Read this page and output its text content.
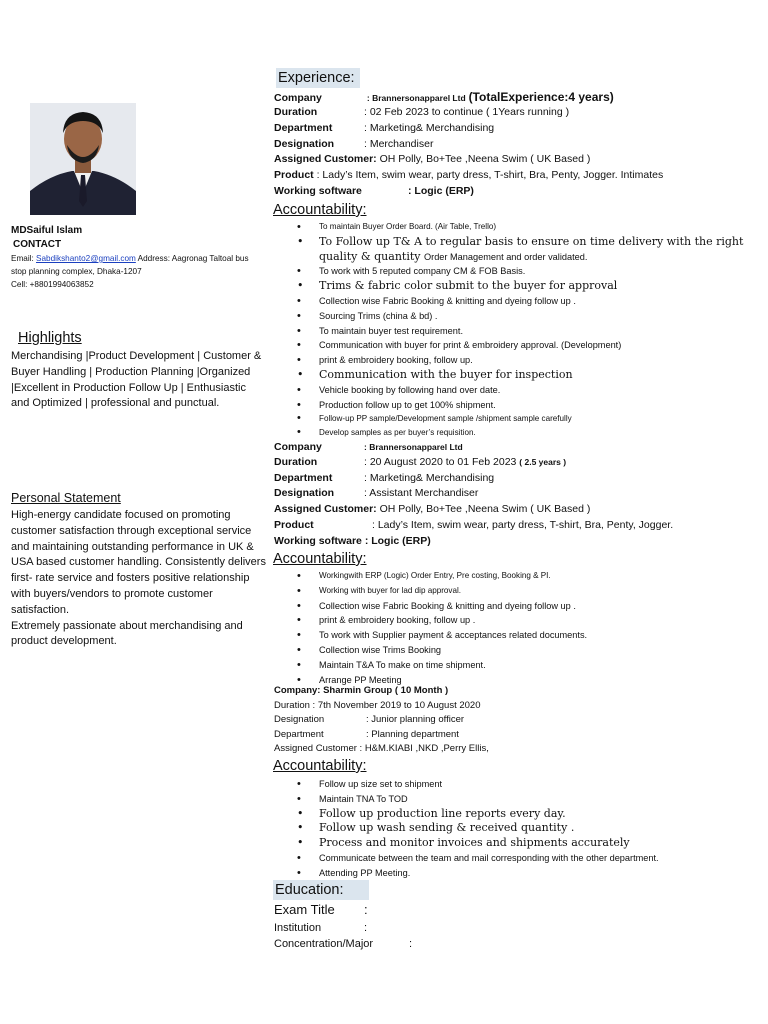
MDSaiful Islam
CONTACT
Email: Sabdikshanto2@gmail.com Address: Aagronag Taltoal bus stop planning complex, Dhaka-1207
Cell: +8801994063852
Highlights
Merchandising |Product Development | Customer & Buyer Handling | Production Planning |Organized |Excellent in Production Follow Up | Enthusiastic and Optimized | professional and punctual.
Personal Statement
High-energy candidate focused on promoting customer satisfaction through exceptional service and maintaining outstanding performance in UK & USA based customer handling. Consistently delivers first- rate service and fosters positive relationship with buyers/vendors to promote customer satisfaction.
Extremely passionate about merchandising and product development.
Experience:
Company	: Brannersonapparel Ltd (TotalExperience:4 years)
Duration	: 02 Feb 2023 to continue ( 1Years running )
Department	: Marketing& Merchandising
Designation	: Merchandiser
Assigned Customer: OH Polly, Bo+Tee ,Neena Swim ( UK Based )
Product : Lady’s Item, swim wear, party dress, T-shirt, Bra, Penty, Jogger. Intimates
Working software	: Logic (ERP)
Accountability:
• To maintain Buyer Order Board. (Air Table, Trello)
• To Follow up T& A to regular basis to ensure on time delivery with the right quality & quantity Order Management and order validated.
• To work with 5 reputed company CM & FOB Basis.
• Trims & fabric color submit to the buyer for approval
• Collection wise Fabric Booking & knitting and dyeing follow up .
• Sourcing Trims (china & bd) .
• To maintain buyer test requirement.
• Communication with buyer for print & embroidery approval. (Development)
• print & embroidery booking, follow up.
• Communication with the buyer for inspection
• Vehicle booking by following hand over date.
• Production follow up to get 100% shipment.
• Follow-up PP sample/Development sample /shipment sample carefully
• Develop samples as per buyer’s requisition.
Company	: Brannersonapparel Ltd
Duration	: 20 August 2020 to 01 Feb 2023 ( 2.5 years )
Department	: Marketing& Merchandising
Designation	: Assistant Merchandiser
Assigned Customer: OH Polly, Bo+Tee ,Neena Swim ( UK Based )
Product	: Lady’s Item, swim wear, party dress, T-shirt, Bra, Penty, Jogger.
Working software : Logic (ERP)
Accountability:
• Workingwith ERP (Logic) Order Entry, Pre costing, Booking & PI.
• Working with buyer for lad dip approval.
• Collection wise Fabric Booking & knitting and dyeing follow up .
• print & embroidery booking, follow up .
• To work with Supplier payment & acceptances related documents.
• Collection wise Trims Booking
• Maintain T&A To make on time shipment.
• Arrange PP Meeting
Company: Sharmin Group ( 10 Month )
Duration : 7th November 2019 to 10 August 2020
Designation	: Junior planning officer
Department	: Planning department
Assigned Customer : H&M.KIABI ,NKD ,Perry Ellis,
Accountability:
• Follow up size set to shipment
• Maintain TNA To TOD
• Follow up production line reports every day.
• Follow up wash sending & received quantity .
• Process and monitor invoices and shipments accurately
• Communicate between the team and mail corresponding with the other department.
• Attending PP Meeting.
Education:
Exam Title :
Institution	:
Concentration/Major	:
